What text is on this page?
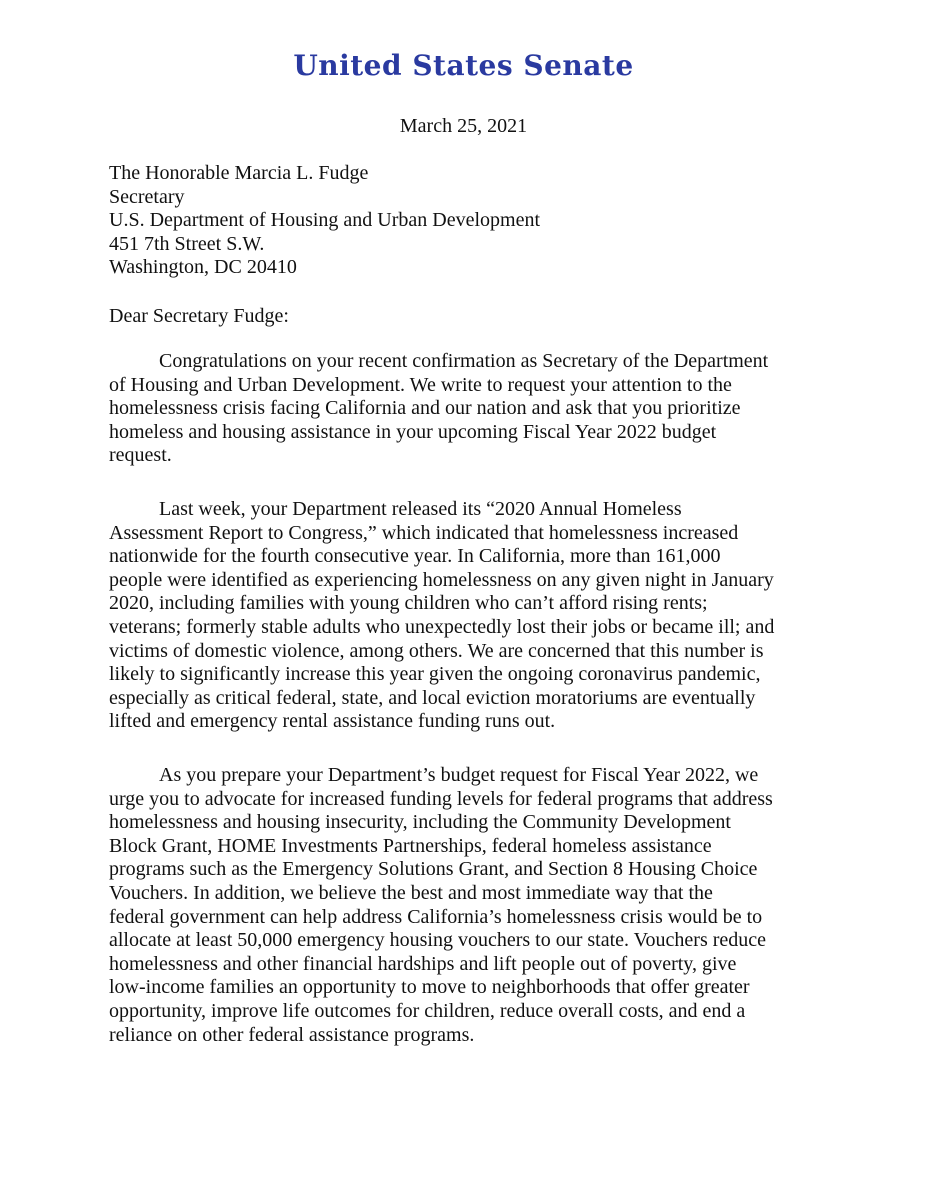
United States Senate
March 25, 2021
The Honorable Marcia L. Fudge
Secretary
U.S. Department of Housing and Urban Development
451 7th Street S.W.
Washington, DC 20410
Dear Secretary Fudge:
Congratulations on your recent confirmation as Secretary of the Department
of Housing and Urban Development. We write to request your attention to the
homelessness crisis facing California and our nation and ask that you prioritize
homeless and housing assistance in your upcoming Fiscal Year 2022 budget
request.
Last week, your Department released its “2020 Annual Homeless
Assessment Report to Congress,” which indicated that homelessness increased
nationwide for the fourth consecutive year. In California, more than 161,000
people were identified as experiencing homelessness on any given night in January
2020, including families with young children who can’t afford rising rents;
veterans; formerly stable adults who unexpectedly lost their jobs or became ill; and
victims of domestic violence, among others. We are concerned that this number is
likely to significantly increase this year given the ongoing coronavirus pandemic,
especially as critical federal, state, and local eviction moratoriums are eventually
lifted and emergency rental assistance funding runs out.
As you prepare your Department’s budget request for Fiscal Year 2022, we
urge you to advocate for increased funding levels for federal programs that address
homelessness and housing insecurity, including the Community Development
Block Grant, HOME Investments Partnerships, federal homeless assistance
programs such as the Emergency Solutions Grant, and Section 8 Housing Choice
Vouchers. In addition, we believe the best and most immediate way that the
federal government can help address California’s homelessness crisis would be to
allocate at least 50,000 emergency housing vouchers to our state. Vouchers reduce
homelessness and other financial hardships and lift people out of poverty, give
low-income families an opportunity to move to neighborhoods that offer greater
opportunity, improve life outcomes for children, reduce overall costs, and end a
reliance on other federal assistance programs.
